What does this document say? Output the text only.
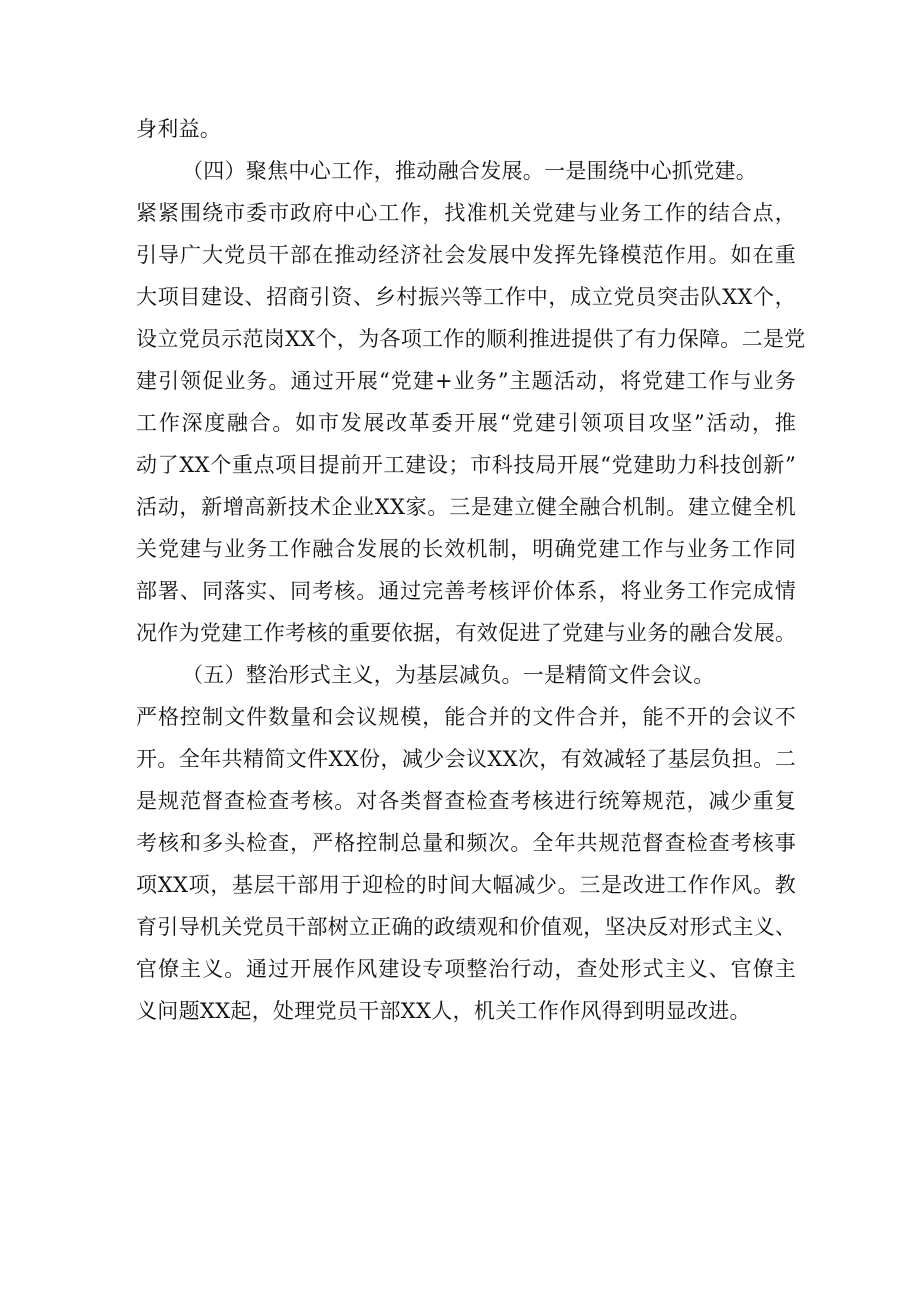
身利益。
（四）聚焦中心工作，推动融合发展。一是围绕中心抓党建。
紧紧围绕市委市政府中心工作，找准机关党建与业务工作的结合点，
引导广大党员干部在推动经济社会发展中发挥先锋模范作用。如在重
大项目建设、招商引资、乡村振兴等工作中，成立党员突击队XX个，
设立党员示范岗XX个，为各项工作的顺利推进提供了有力保障。二是党
建引领促业务。通过开展“党建+业务”主题活动，将党建工作与业务
工作深度融合。如市发展改革委开展“党建引领项目攻坚”活动，推
动了XX个重点项目提前开工建设；市科技局开展“党建助力科技创新”
活动，新增高新技术企业XX家。三是建立健全融合机制。建立健全机
关党建与业务工作融合发展的长效机制，明确党建工作与业务工作同
部署、同落实、同考核。通过完善考核评价体系，将业务工作完成情
况作为党建工作考核的重要依据，有效促进了党建与业务的融合发展。
（五）整治形式主义，为基层减负。一是精简文件会议。
严格控制文件数量和会议规模，能合并的文件合并，能不开的会议不
开。全年共精简文件XX份，减少会议XX次，有效减轻了基层负担。二
是规范督查检查考核。对各类督查检查考核进行统筹规范，减少重复
考核和多头检查，严格控制总量和频次。全年共规范督查检查考核事
项XX项，基层干部用于迎检的时间大幅减少。三是改进工作作风。教
育引导机关党员干部树立正确的政绩观和价值观，坚决反对形式主义、
官僚主义。通过开展作风建设专项整治行动，查处形式主义、官僚主
义问题XX起，处理党员干部XX人，机关工作作风得到明显改进。
